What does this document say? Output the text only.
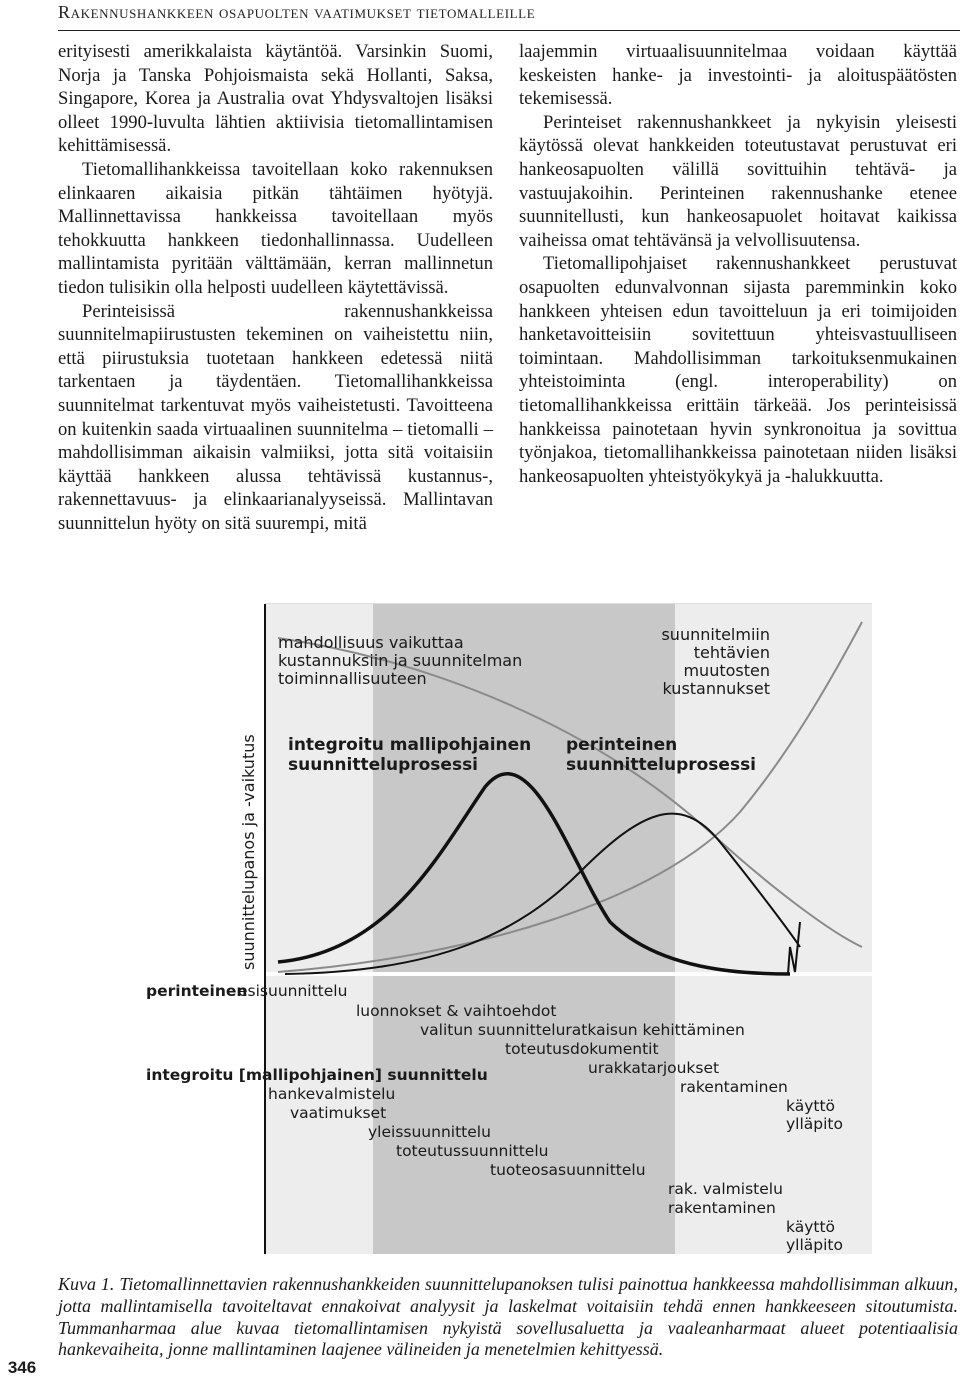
Rakennushankkeen osapuolten vaatimukset tietomalleille

erityisesti amerikkalaista käytäntöä. Varsinkin Suomi, Norja ja Tanska Pohjoismaista sekä Hollanti, Saksa, Singapore, Korea ja Australia ovat Yhdysvaltojen lisäksi olleet 1990-luvulta lähtien aktiivisia tietomallintamisen kehittämisessä.

Tietomallihankkeissa tavoitellaan koko rakennuksen elinkaaren aikaisia pitkän tähtäimen hyötyjä. Mallinnettavissa hankkeissa tavoitellaan myös tehokkuutta hankkeen tiedonhallinnassa. Uudelleen mallintamista pyritään välttämään, kerran mallinnetun tiedon tulisikin olla helposti uudelleen käytettävissä.

Perinteisissä rakennushankkeissa suunnitelmapiirustusten tekeminen on vaiheistettu niin, että piirustuksia tuotetaan hankkeen edetessä niitä tarkentaen ja täydentäen. Tietomallihankkeissa suunnitelmat tarkentuvat myös vaiheistetusti. Tavoitteena on kuitenkin saada virtuaalinen suunnitelma – tietomalli – mahdollisimman aikaisin valmiiksi, jotta sitä voitaisiin käyttää hankkeen alussa tehtävissä kustannus-, rakennettavuus- ja elinkaarianalyyseissä. Mallintavan suunnittelun hyöty on sitä suurempi, mitä

laajemmin virtuaalisuunnitelmaa voidaan käyttää keskeisten hanke- ja investointi- ja aloituspäätösten tekemisessä.

Perinteiset rakennushankkeet ja nykyisin yleisesti käytössä olevat hankkeiden toteutustavat perustuvat eri hankeosapuolten välillä sovittuihin tehtävä- ja vastuujakoihin. Perinteinen rakennushanke etenee suunnitellusti, kun hankeosapuolet hoitavat kaikissa vaiheissa omat tehtävänsä ja velvollisuutensa.

Tietomallipohjaiset rakennushankkeet perustuvat osapuolten edunvalvonnan sijasta paremminkin koko hankkeen yhteisen edun tavoitteluun ja eri toimijoiden hanketavoitteisiin sovitettuun yhteisvastuulliseen toimintaan. Mahdollisimman tarkoituksenmukainen yhteistoiminta (engl. interoperability) on tietomallihankkeissa erittäin tärkeää. Jos perinteisissä hankkeissa painotetaan hyvin synkronoitua ja sovittua työnjakoa, tietomallihankkeissa painotetaan niiden lisäksi hankeosapuolten yhteistyökykyä ja -halukkuutta.

suunnittelupanos ja -vaikutus
mahdollisuus vaikuttaa
kustannuksiin ja suunnitelman
toiminnallisuuteen
suunnitelmiin
tehtävien
muutosten
kustannukset
integroitu mallipohjainen
suunnitteluprosessi
perinteinen
suunnitteluprosessi
perinteinen
esisuunnittelu
luonnokset & vaihtoehdot
valitun suunnitteluratkaisun kehittäminen
toteutusdokumentit
urakkatarjoukset
rakentaminen
käyttö
ylläpito
integroitu [mallipohjainen] suunnittelu
hankevalmistelu
vaatimukset
yleissuunnittelu
toteutussuunnittelu
tuoteosasuunnittelu
rak. valmistelu
rakentaminen
käyttö
ylläpito
Kuva 1. Tietomallinnettavien rakennushankkeiden suunnittelupanoksen tulisi painottua hankkeessa mahdollisimman alkuun, jotta mallintamisella tavoiteltavat ennakoivat analyysit ja laskelmat voitaisiin tehdä ennen hankkeeseen sitoutumista. Tummanharmaa alue kuvaa tietomallintamisen nykyistä sovellusaluetta ja vaaleanharmaat alueet potentiaalisia hankevaiheita, jonne mallintaminen laajenee välineiden ja menetelmien kehittyessä.
346
